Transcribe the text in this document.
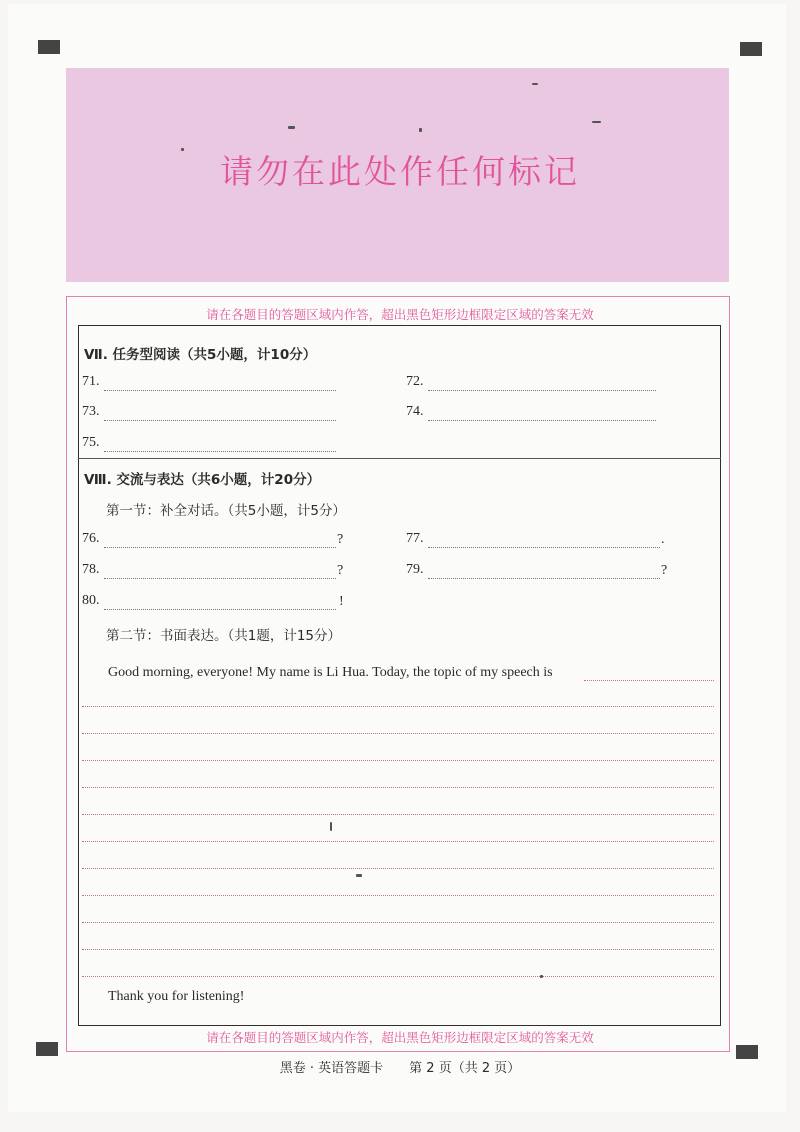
请勿在此处作任何标记
请在各题目的答题区域内作答，超出黑色矩形边框限定区域的答案无效
请在各题目的答题区域内作答，超出黑色矩形边框限定区域的答案无效
Ⅶ. 任务型阅读（共5小题，计10分）
71.	72.
73.	74.
75.
Ⅷ. 交流与表达（共6小题，计20分）
第一节：补全对话。（共5小题，计5分）
76.	?	77.	.
78.	?	79.	?
80.	!
第二节：书面表达。（共1题，计15分）
Good morning, everyone! My name is Li Hua. Today, the topic of my speech is
Thank you for listening!
黑卷 · 英语答题卡　　第 2 页（共 2 页）
